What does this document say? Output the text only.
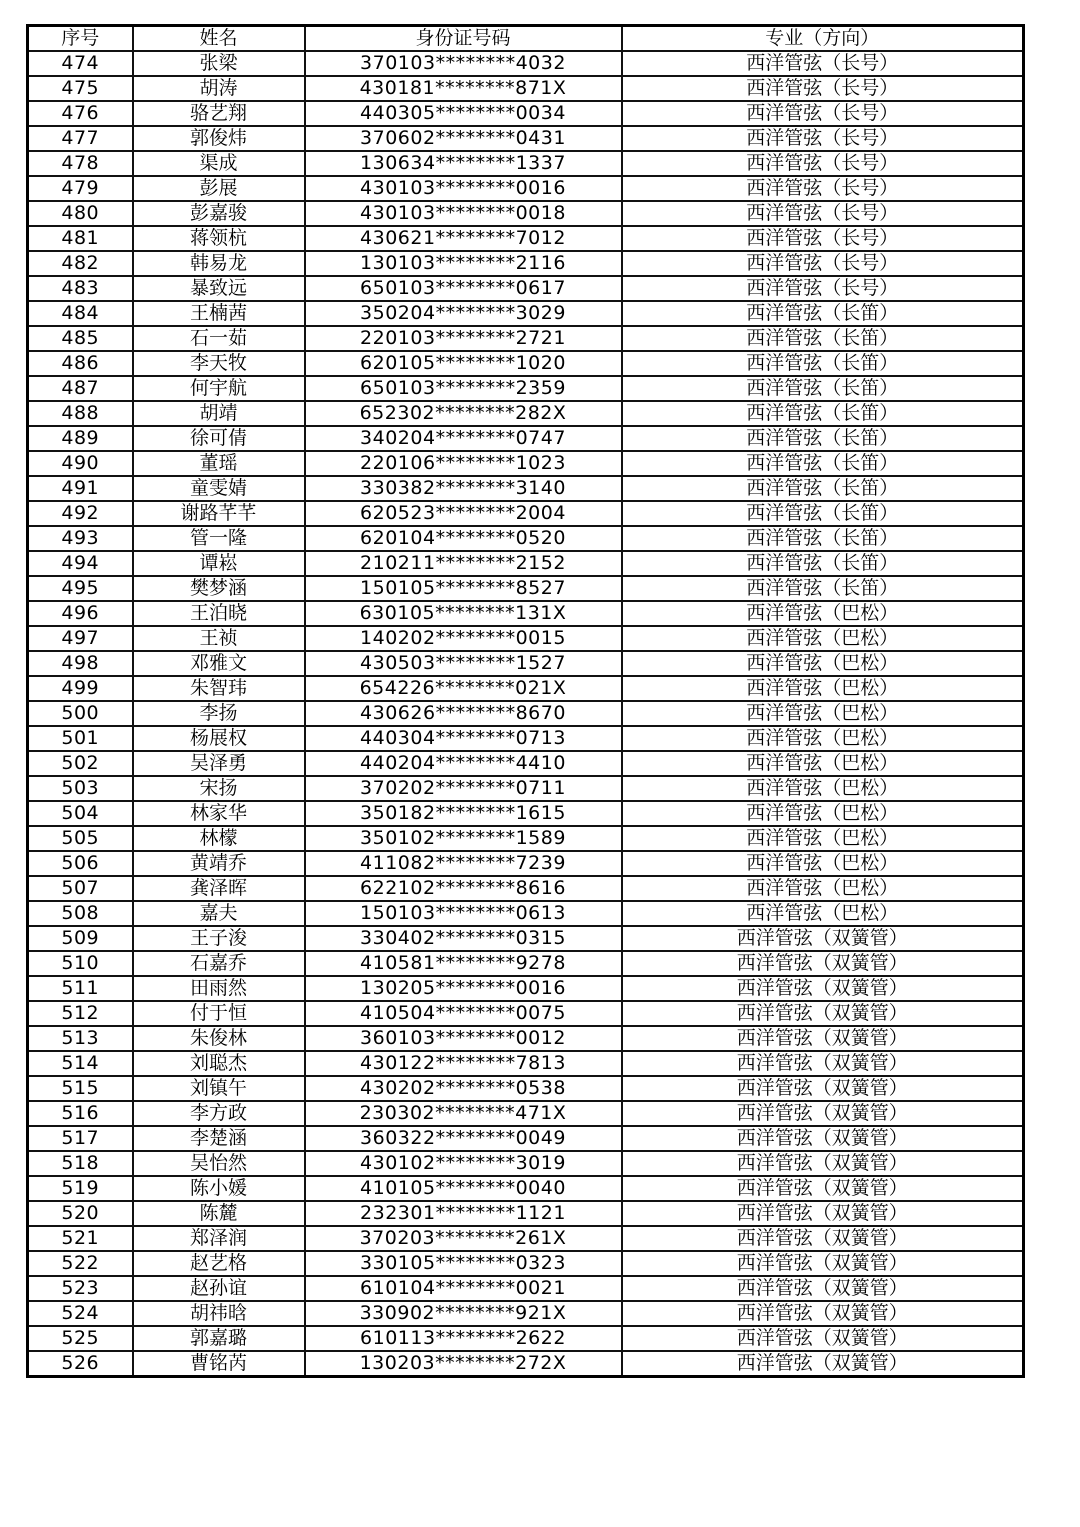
序号	姓名	身份证号码	专业（方向）
474	张梁	370103********4032	西洋管弦（长号）
475	胡涛	430181********871X	西洋管弦（长号）
476	骆艺翔	440305********0034	西洋管弦（长号）
477	郭俊炜	370602********0431	西洋管弦（长号）
478	渠成	130634********1337	西洋管弦（长号）
479	彭展	430103********0016	西洋管弦（长号）
480	彭嘉骏	430103********0018	西洋管弦（长号）
481	蒋领杭	430621********7012	西洋管弦（长号）
482	韩易龙	130103********2116	西洋管弦（长号）
483	暴致远	650103********0617	西洋管弦（长号）
484	王楠茜	350204********3029	西洋管弦（长笛）
485	石一茹	220103********2721	西洋管弦（长笛）
486	李天牧	620105********1020	西洋管弦（长笛）
487	何宇航	650103********2359	西洋管弦（长笛）
488	胡靖	652302********282X	西洋管弦（长笛）
489	徐可倩	340204********0747	西洋管弦（长笛）
490	董瑶	220106********1023	西洋管弦（长笛）
491	童雯婧	330382********3140	西洋管弦（长笛）
492	谢路芊芊	620523********2004	西洋管弦（长笛）
493	管一隆	620104********0520	西洋管弦（长笛）
494	谭崧	210211********2152	西洋管弦（长笛）
495	樊梦涵	150105********8527	西洋管弦（长笛）
496	王泊晓	630105********131X	西洋管弦（巴松）
497	王祯	140202********0015	西洋管弦（巴松）
498	邓雅文	430503********1527	西洋管弦（巴松）
499	朱智玮	654226********021X	西洋管弦（巴松）
500	李扬	430626********8670	西洋管弦（巴松）
501	杨展权	440304********0713	西洋管弦（巴松）
502	吴泽勇	440204********4410	西洋管弦（巴松）
503	宋扬	370202********0711	西洋管弦（巴松）
504	林家华	350182********1615	西洋管弦（巴松）
505	林檬	350102********1589	西洋管弦（巴松）
506	黄靖乔	411082********7239	西洋管弦（巴松）
507	龚泽晖	622102********8616	西洋管弦（巴松）
508	嘉夫	150103********0613	西洋管弦（巴松）
509	王子浚	330402********0315	西洋管弦（双簧管）
510	石嘉乔	410581********9278	西洋管弦（双簧管）
511	田雨然	130205********0016	西洋管弦（双簧管）
512	付于恒	410504********0075	西洋管弦（双簧管）
513	朱俊林	360103********0012	西洋管弦（双簧管）
514	刘聪杰	430122********7813	西洋管弦（双簧管）
515	刘镇午	430202********0538	西洋管弦（双簧管）
516	李方政	230302********471X	西洋管弦（双簧管）
517	李楚涵	360322********0049	西洋管弦（双簧管）
518	吴怡然	430102********3019	西洋管弦（双簧管）
519	陈小媛	410105********0040	西洋管弦（双簧管）
520	陈麓	232301********1121	西洋管弦（双簧管）
521	郑泽润	370203********261X	西洋管弦（双簧管）
522	赵艺格	330105********0323	西洋管弦（双簧管）
523	赵孙谊	610104********0021	西洋管弦（双簧管）
524	胡祎晗	330902********921X	西洋管弦（双簧管）
525	郭嘉璐	610113********2622	西洋管弦（双簧管）
526	曹铭芮	130203********272X	西洋管弦（双簧管）
